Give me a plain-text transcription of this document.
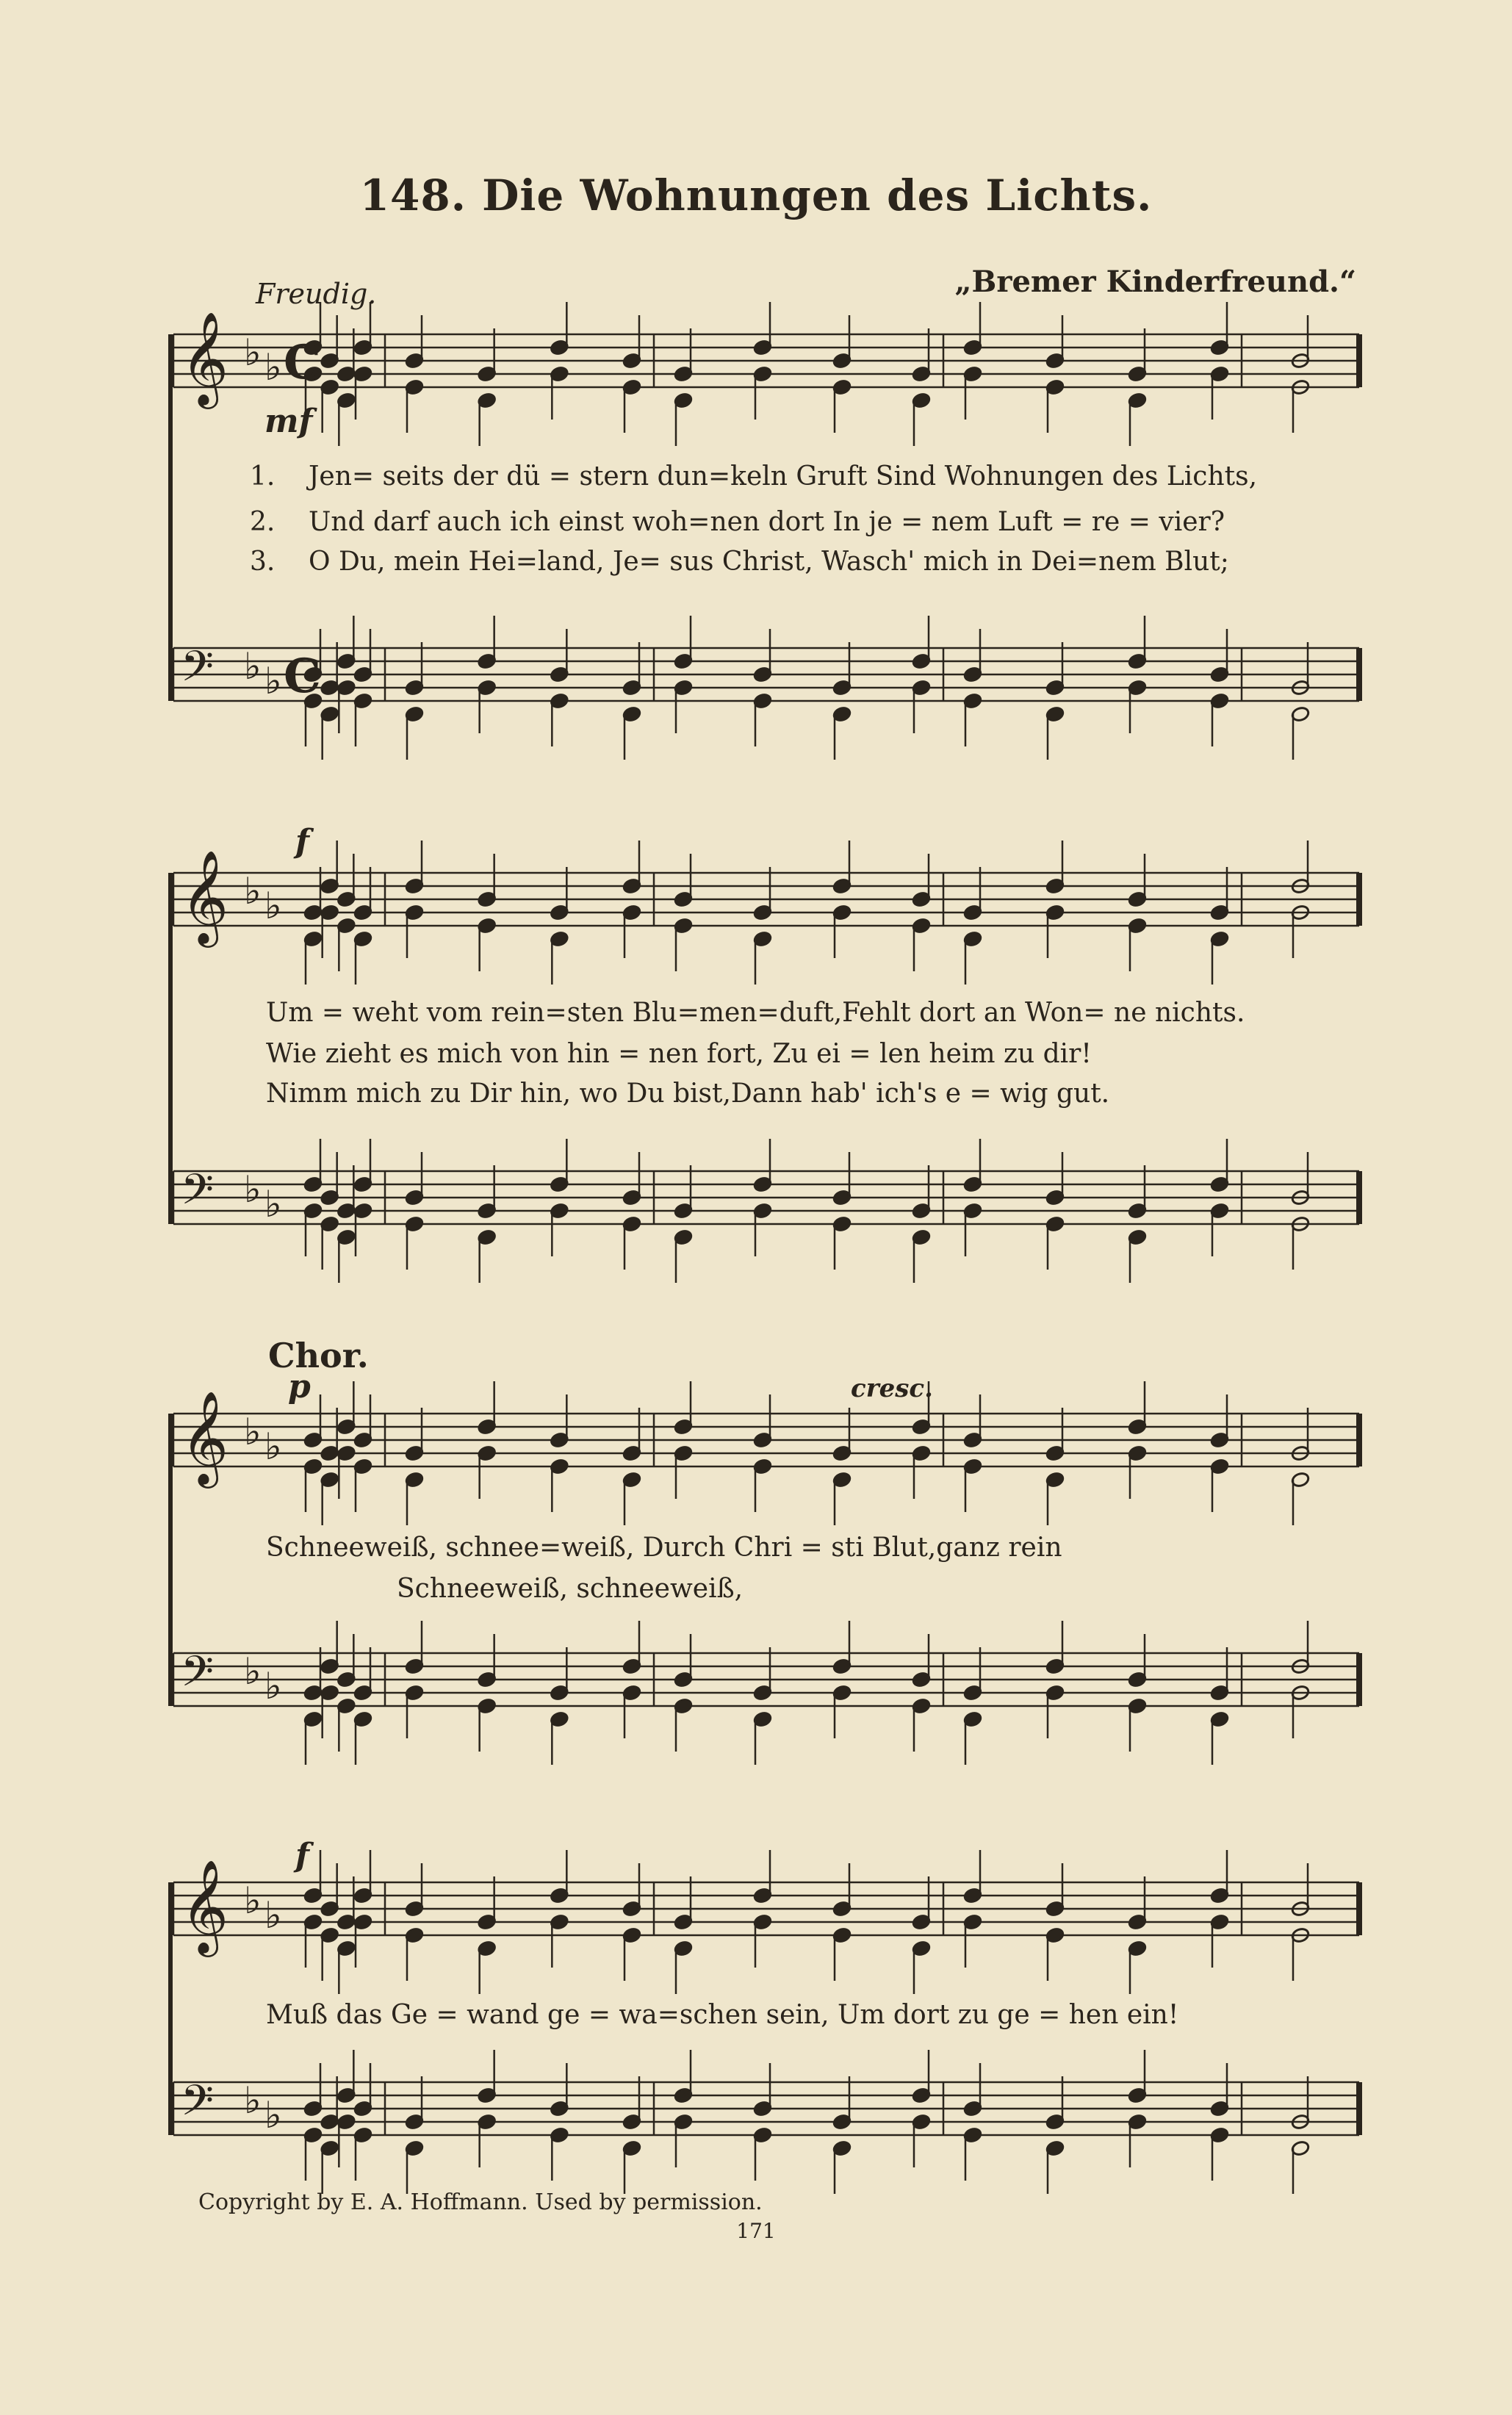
148. Die Wohnungen des Lichts.
Freudig.	„Bremer Kinderfreund.“
𝄞 ♭ ♭
𝄢 ♭ ♭
𝄞 ♭ ♭
𝄢 ♭ ♭
𝄞 ♭ ♭
𝄢 ♭ ♭
𝄞 ♭ ♭
𝄢 ♭ ♭
C
C
mf
f
p	cresc.
f
1. Jen= seits der dü = stern dun=keln Gruft Sind Wohnungen des Lichts,
2. Und darf auch ich einst woh=nen dort In je = nem Luft = re = vier?
3. O Du, mein Hei=land, Je= sus Christ, Wasch' mich in Dei=nem Blut;
Um = weht vom rein=sten Blu=men=duft,Fehlt dort an Won= ne nichts.
Wie zieht es mich von hin = nen fort, Zu ei = len heim zu dir!
Nimm mich zu Dir hin, wo Du bist,Dann hab' ich's e = wig gut.
Chor.
Schneeweiß, schnee=weiß, Durch Chri = sti Blut,ganz rein
Schneeweiß, schneeweiß,
Muß das Ge = wand ge = wa=schen sein, Um dort zu ge = hen ein!
Copyright by E. A. Hoffmann. Used by permission.
171
